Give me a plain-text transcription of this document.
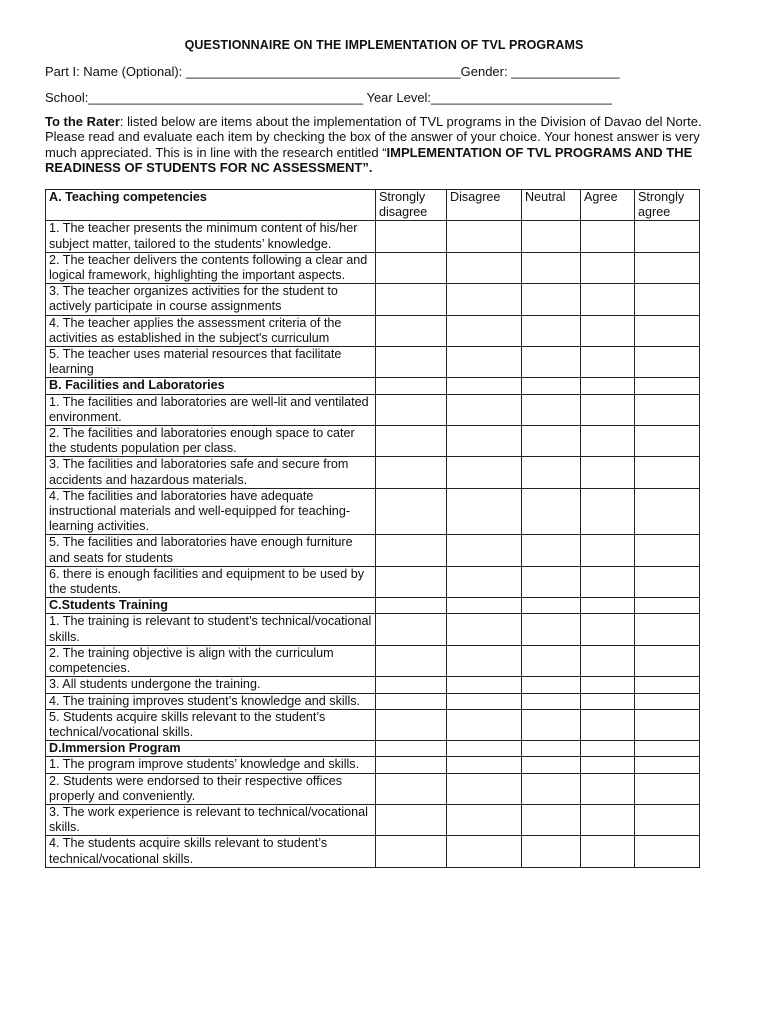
QUESTIONNAIRE ON THE IMPLEMENTATION OF TVL PROGRAMS
Part I: Name (Optional): ______________________________________Gender: _______________
School:______________________________________ Year Level:_________________________
To the Rater: listed below are items about the implementation of TVL programs in the Division of Davao del Norte. Please read and evaluate each item by checking the box of the answer of your choice. Your honest answer is very much appreciated. This is in line with the research entitled “IMPLEMENTATION OF TVL PROGRAMS AND THE READINESS OF STUDENTS FOR NC ASSESSMENT”.
A. Teaching competencies	Strongly disagree	Disagree	Neutral	Agree	Strongly agree
1. The teacher presents the minimum content of his/her subject matter, tailored to the students’ knowledge.					
2. The teacher delivers the contents following a clear and logical framework, highlighting the important aspects.					
3. The teacher organizes activities for the student to actively participate in course assignments					
4. The teacher applies the assessment criteria of the activities as established in the subject's curriculum					
5. The teacher uses material resources that facilitate learning					
B. Facilities and Laboratories					
1. The facilities and laboratories are well-lit and ventilated environment.					
2. The facilities and laboratories enough space to cater the students population per class.					
3. The facilities and laboratories safe and secure from accidents and hazardous materials.					
4. The facilities and laboratories have adequate instructional materials and well-equipped for teaching-learning activities.					
5. The facilities and laboratories have enough furniture and seats for students					
6. there is enough facilities and equipment to be used by the students.					
C.Students Training					
1. The training is relevant to student’s technical/vocational skills.					
2. The training objective is align with the curriculum competencies.					
3. All students undergone the training.					
4. The training improves student’s knowledge and skills.					
5. Students acquire skills relevant to the student’s technical/vocational skills.					
D.Immersion Program					
1. The program improve students’ knowledge and skills.					
2. Students were endorsed to their respective offices properly and conveniently.					
3. The work experience is relevant to technical/vocational skills.					
4. The students acquire skills relevant to student’s technical/vocational skills.					
